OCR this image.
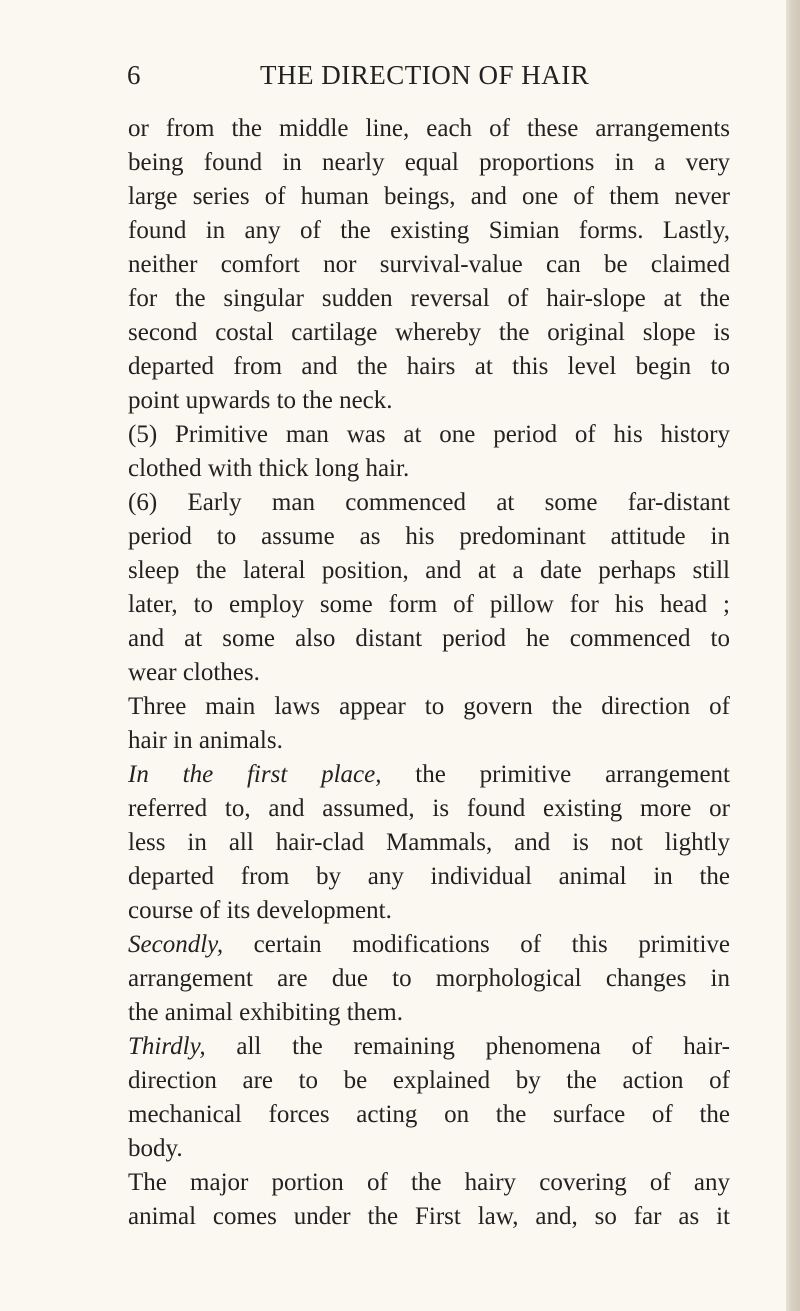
6	THE DIRECTION OF HAIR
or from the middle line, each of these arrangements
being found in nearly equal proportions in a very
large series of human beings, and one of them never
found in any of the existing Simian forms. Lastly,
neither comfort nor survival-value can be claimed
for the singular sudden reversal of hair-slope at the
second costal cartilage whereby the original slope is
departed from and the hairs at this level begin to
point upwards to the neck.
(5) Primitive man was at one period of his history
clothed with thick long hair.
(6) Early man commenced at some far-distant
period to assume as his predominant attitude in
sleep the lateral position, and at a date perhaps still
later, to employ some form of pillow for his head ;
and at some also distant period he commenced to
wear clothes.
Three main laws appear to govern the direction of
hair in animals.
In the first place, the primitive arrangement
referred to, and assumed, is found existing more or
less in all hair-clad Mammals, and is not lightly
departed from by any individual animal in the
course of its development.
Secondly, certain modifications of this primitive
arrangement are due to morphological changes in
the animal exhibiting them.
Thirdly, all the remaining phenomena of hair-
direction are to be explained by the action of
mechanical forces acting on the surface of the
body.
The major portion of the hairy covering of any
animal comes under the First law, and, so far as it
